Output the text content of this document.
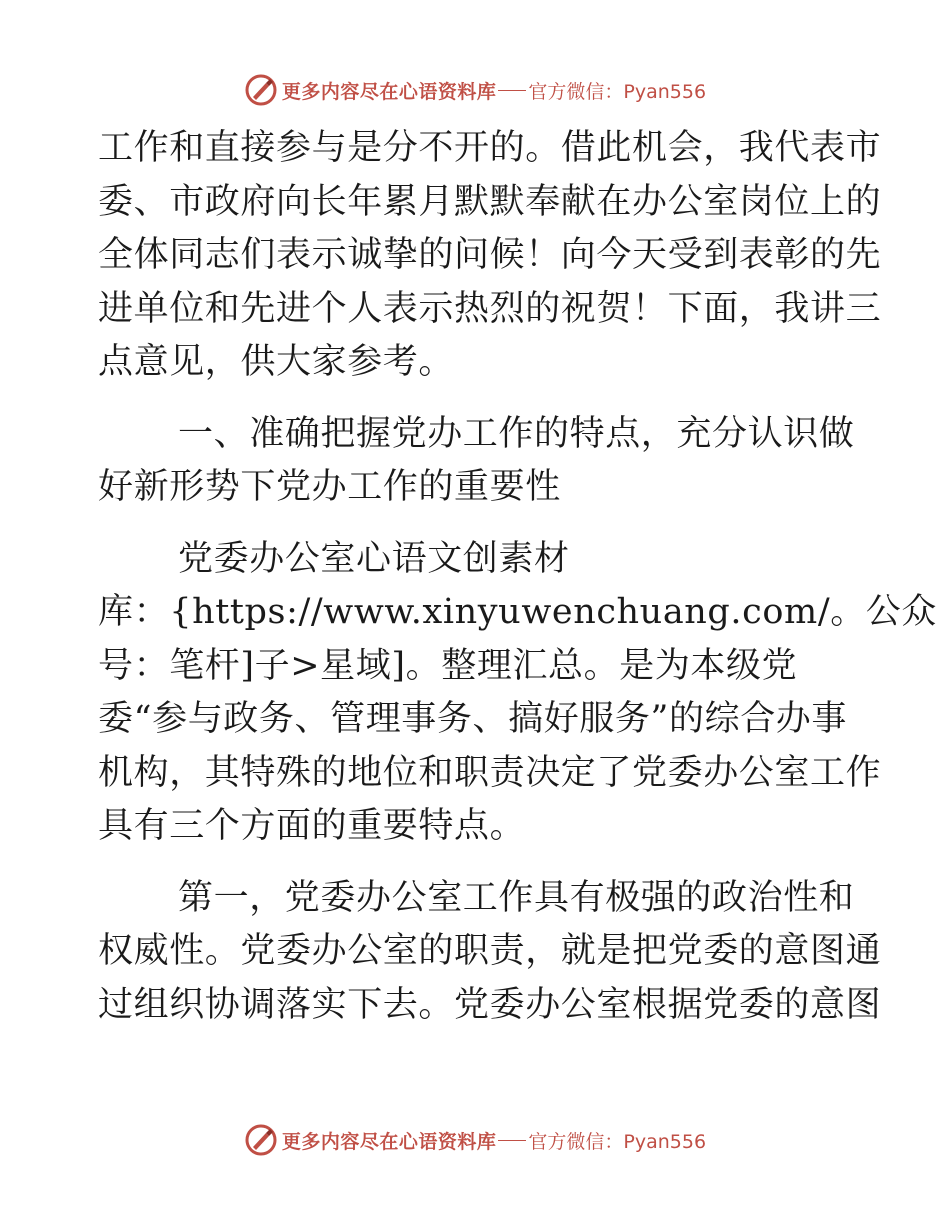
更多内容尽在心语资料库 官方微信：Pyan556

工作和直接参与是分不开的。借此机会，我代表市
委、市政府向长年累月默默奉献在办公室岗位上的
全体同志们表示诚挚的问候！向今天受到表彰的先
进单位和先进个人表示热烈的祝贺！下面，我讲三
点意见，供大家参考。

一、准确把握党办工作的特点，充分认识做
好新形势下党办工作的重要性

党委办公室心语文创素材
库：{https://www.xinyuwenchuang.com/。公众
号：笔杆]子>星域]。整理汇总。是为本级党
委“参与政务、管理事务、搞好服务”的综合办事
机构，其特殊的地位和职责决定了党委办公室工作
具有三个方面的重要特点。

第一，党委办公室工作具有极强的政治性和
权威性。党委办公室的职责，就是把党委的意图通
过组织协调落实下去。党委办公室根据党委的意图

更多内容尽在心语资料库 官方微信：Pyan556
